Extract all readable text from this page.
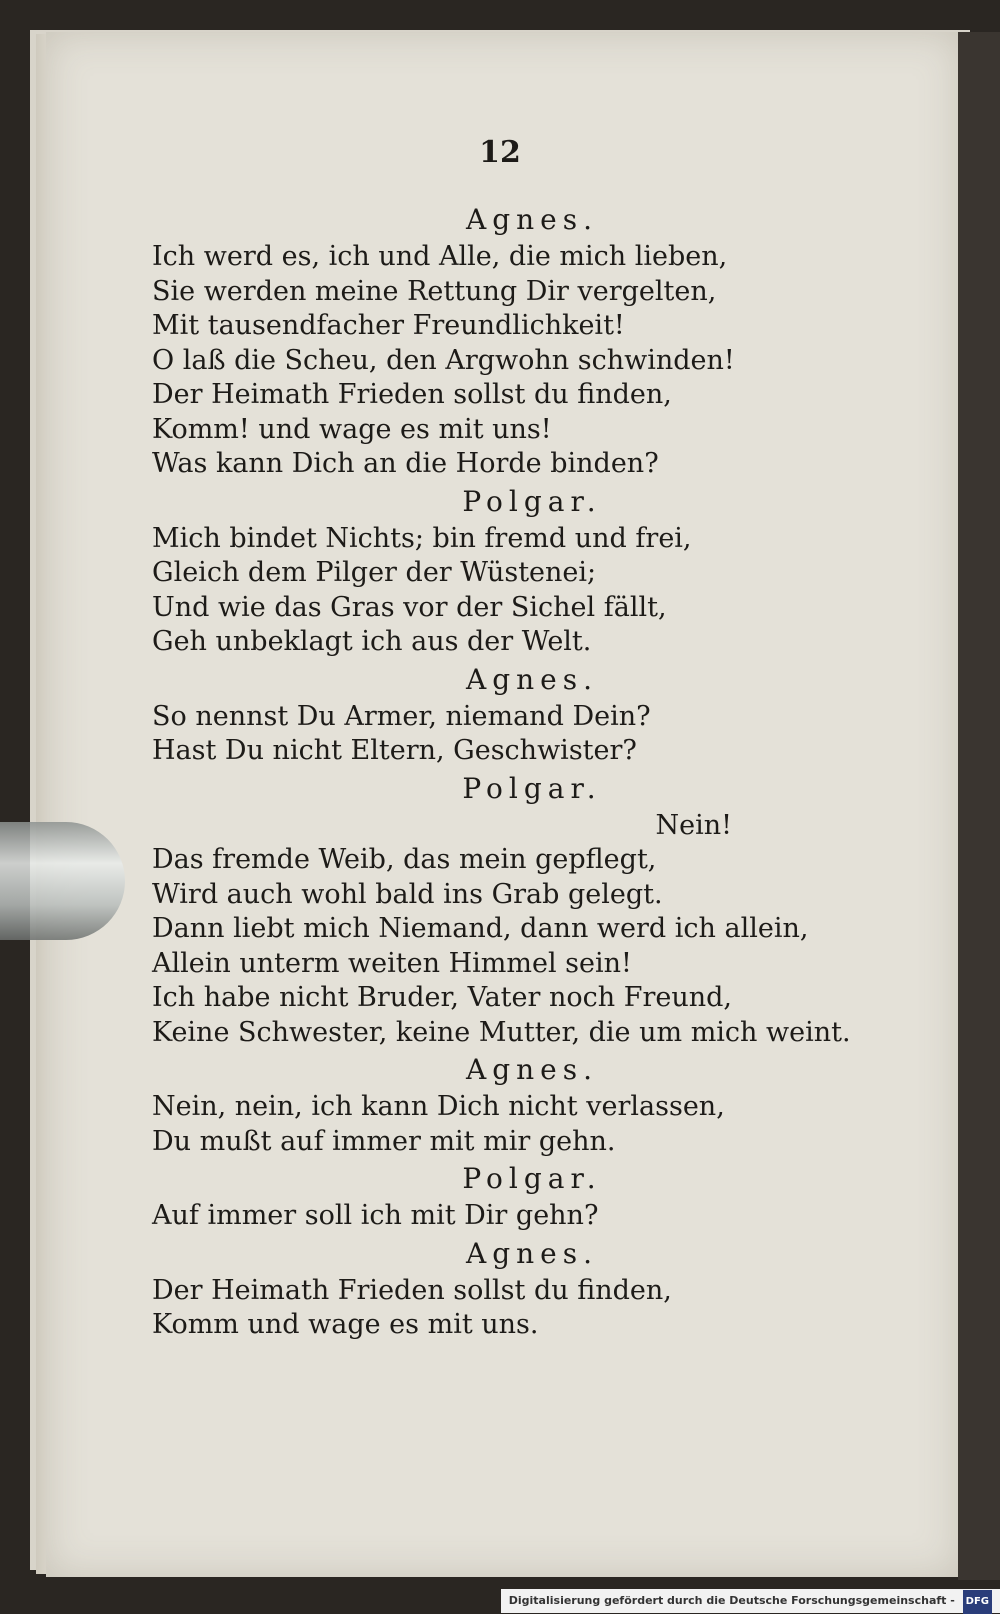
12
Agnes.
Ich werd es, ich und Alle, die mich lieben,
Sie werden meine Rettung Dir vergelten,
Mit tausendfacher Freundlichkeit!
O laß die Scheu, den Argwohn schwinden!
Der Heimath Frieden sollst du finden,
Komm! und wage es mit uns!
Was kann Dich an die Horde binden?
Polgar.
Mich bindet Nichts; bin fremd und frei,
Gleich dem Pilger der Wüstenei;
Und wie das Gras vor der Sichel fällt,
Geh unbeklagt ich aus der Welt.
Agnes.
So nennst Du Armer, niemand Dein?
Hast Du nicht Eltern, Geschwister?
Polgar.
Nein!
Das fremde Weib, das mein gepflegt,
Wird auch wohl bald ins Grab gelegt.
Dann liebt mich Niemand, dann werd ich allein,
Allein unterm weiten Himmel sein!
Ich habe nicht Bruder, Vater noch Freund,
Keine Schwester, keine Mutter, die um mich weint.
Agnes.
Nein, nein, ich kann Dich nicht verlassen,
Du mußt auf immer mit mir gehn.
Polgar.
Auf immer soll ich mit Dir gehn?
Agnes.
Der Heimath Frieden sollst du finden,
Komm und wage es mit uns.
Digitalisierung gefördert durch die Deutsche Forschungsgemeinschaft - DFG
